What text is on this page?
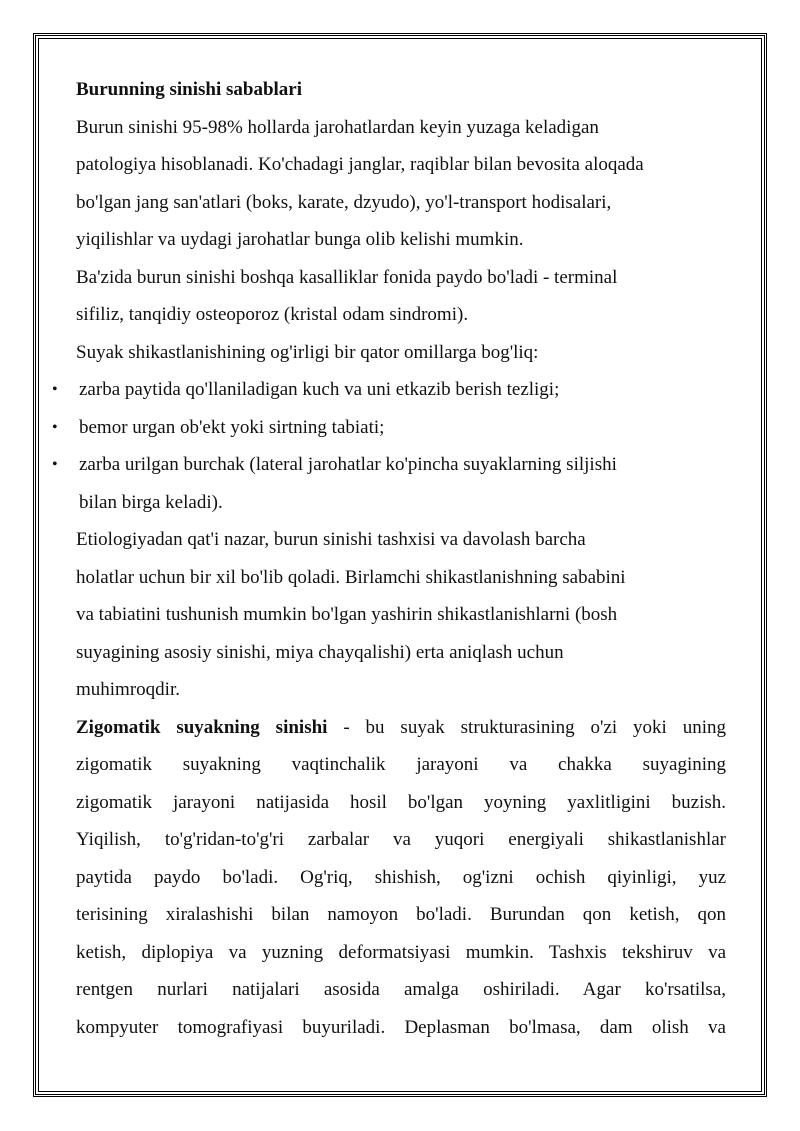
Burunning sinishi sabablari

Burun sinishi 95-98% hollarda jarohatlardan keyin yuzaga keladigan
patologiya hisoblanadi. Ko'chadagi janglar, raqiblar bilan bevosita aloqada
bo'lgan jang san'atlari (boks, karate, dzyudo), yo'l-transport hodisalari,
yiqilishlar va uydagi jarohatlar bunga olib kelishi mumkin.

Ba'zida burun sinishi boshqa kasalliklar fonida paydo bo'ladi - terminal
sifiliz, tanqidiy osteoporoz (kristal odam sindromi).

Suyak shikastlanishining og'irligi bir qator omillarga bog'liq:

• zarba paytida qo'llaniladigan kuch va uni etkazib berish tezligi;
• bemor urgan ob'ekt yoki sirtning tabiati;
• zarba urilgan burchak (lateral jarohatlar ko'pincha suyaklarning siljishi
bilan birga keladi).

Etiologiyadan qat'i nazar, burun sinishi tashxisi va davolash barcha
holatlar uchun bir xil bo'lib qoladi. Birlamchi shikastlanishning sababini
va tabiatini tushunish mumkin bo'lgan yashirin shikastlanishlarni (bosh
suyagining asosiy sinishi, miya chayqalishi) erta aniqlash uchun
muhimroqdir.

Zigomatik suyakning sinishi - bu suyak strukturasining o'zi yoki uning
zigomatik suyakning vaqtinchalik jarayoni va chakka suyagining
zigomatik jarayoni natijasida hosil bo'lgan yoyning yaxlitligini buzish.
Yiqilish, to'g'ridan-to'g'ri zarbalar va yuqori energiyali shikastlanishlar
paytida paydo bo'ladi. Og'riq, shishish, og'izni ochish qiyinligi, yuz
terisining xiralashishi bilan namoyon bo'ladi. Burundan qon ketish, qon
ketish, diplopiya va yuzning deformatsiyasi mumkin. Tashxis tekshiruv va
rentgen nurlari natijalari asosida amalga oshiriladi. Agar ko'rsatilsa,
kompyuter tomografiyasi buyuriladi. Deplasman bo'lmasa, dam olish va
